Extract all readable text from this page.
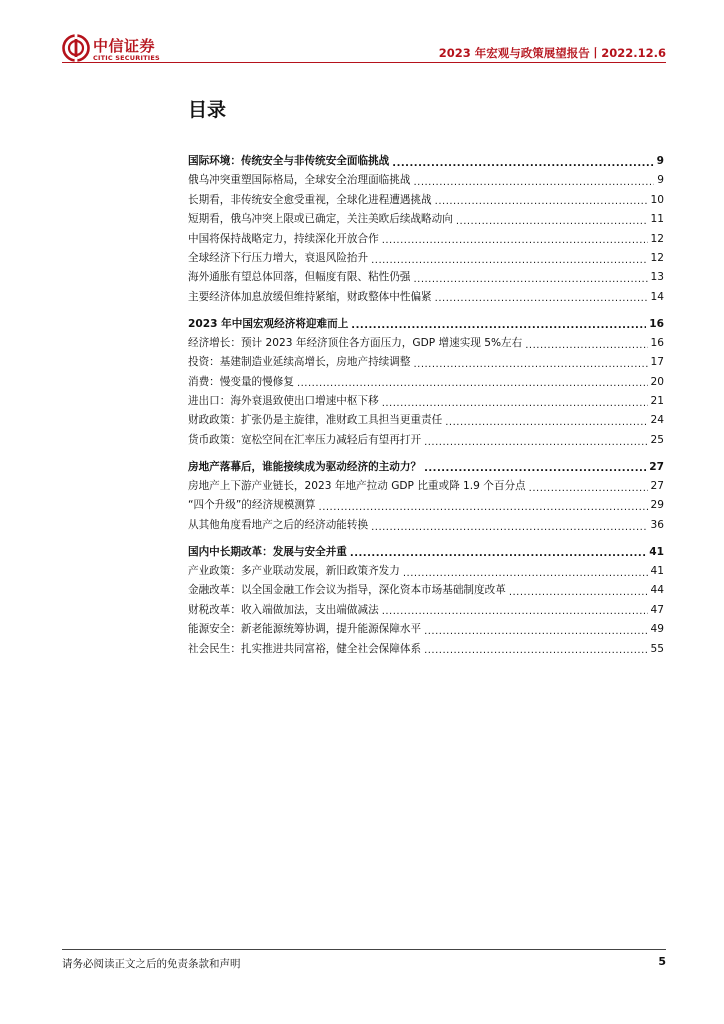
中信证券
CITIC SECURITIES	2023 年宏观与政策展望报告丨2022.12.6
目录
国际环境：传统安全与非传统安全面临挑战 .....	9
俄乌冲突重塑国际格局，全球安全治理面临挑战 .....	9
长期看，非传统安全愈受重视，全球化进程遭遇挑战 .....	10
短期看，俄乌冲突上限或已确定，关注美欧后续战略动向 .....	11
中国将保持战略定力，持续深化开放合作 .....	12
全球经济下行压力增大，衰退风险抬升 .....	12
海外通胀有望总体回落，但幅度有限、粘性仍强 .....	13
主要经济体加息放缓但维持紧缩，财政整体中性偏紧 .....	14
2023 年中国宏观经济将迎难而上 .....	16
经济增长：预计 2023 年经济顶住各方面压力，GDP 增速实现 5%左右 .....	16
投资：基建制造业延续高增长，房地产持续调整 .....	17
消费：慢变量的慢修复 .....	20
进出口：海外衰退致使出口增速中枢下移 .....	21
财政政策：扩张仍是主旋律，准财政工具担当更重责任 .....	24
货币政策：宽松空间在汇率压力减轻后有望再打开 .....	25
房地产落幕后，谁能接续成为驱动经济的主动力？ .....	27
房地产上下游产业链长，2023 年地产拉动 GDP 比重或降 1.9 个百分点 .....	27
“四个升级”的经济规模测算 .....	29
从其他角度看地产之后的经济动能转换 .....	36
国内中长期改革：发展与安全并重 .....	41
产业政策：多产业联动发展，新旧政策齐发力 .....	41
金融改革：以全国金融工作会议为指导，深化资本市场基础制度改革 .....	44
财税改革：收入端做加法，支出端做减法 .....	47
能源安全：新老能源统筹协调，提升能源保障水平 .....	49
社会民生：扎实推进共同富裕，健全社会保障体系 .....	55
请务必阅读正文之后的免责条款和声明	5
